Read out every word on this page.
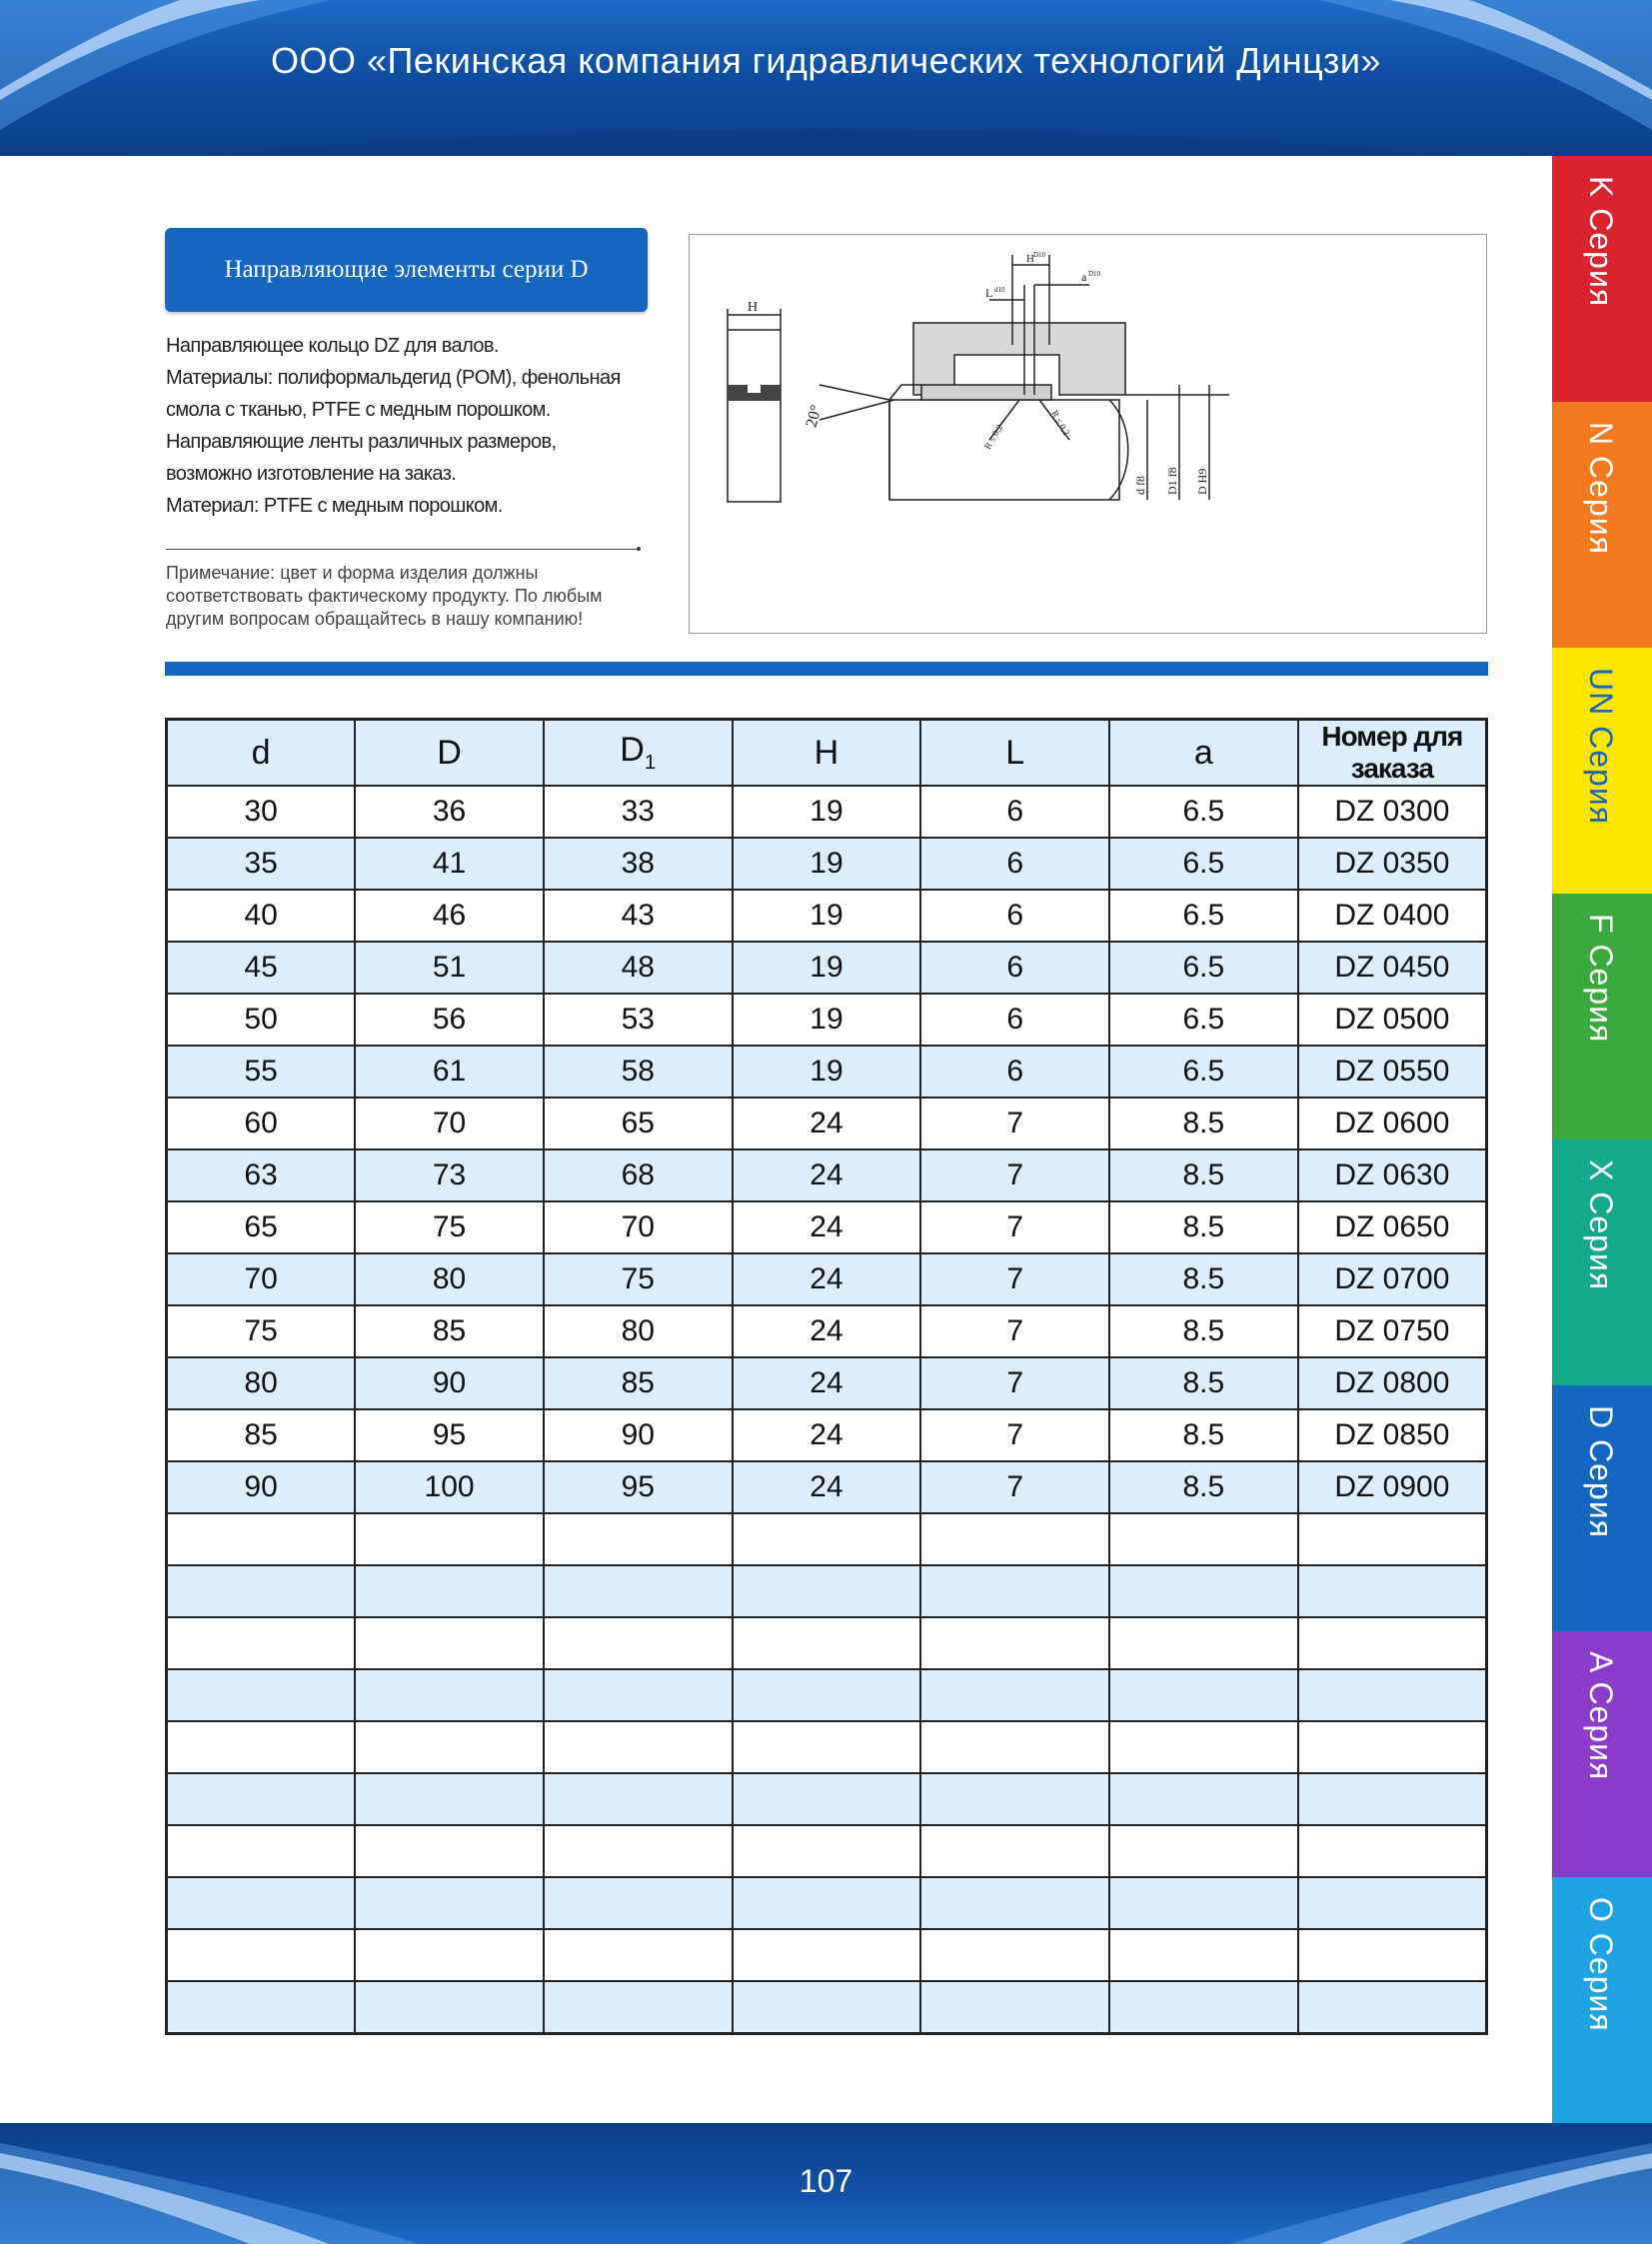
ООО «Пекинская компания гидравлических технологий Динцзи»
K Серия
N Серия
UN Серия
F Серия
X Серия
D Серия
A Серия
O Серия
Направляющие элементы серии D
Направляющее кольцо DZ для валов.
Материалы: полиформальдегид (POM), фенольная
смола с тканью, PTFE с медным порошком.
Направляющие ленты различных размеров,
возможно изготовление на заказ.
Материал: PTFE с медным порошком.
Примечание: цвет и форма изделия должны
соответствовать фактическому продукту. По любым
другим вопросам обращайтесь в нашу компанию!
H
20°
H D10
L d10
a D10
R ≤ 0,2	R ≤ 0,2
d f8 D1 f8 D H9
d	D	$D_1$	H	L	a	Номер для заказа
30	36	33	19	6	6.5	DZ 0300
35	41	38	19	6	6.5	DZ 0350
40	46	43	19	6	6.5	DZ 0400
45	51	48	19	6	6.5	DZ 0450
50	56	53	19	6	6.5	DZ 0500
55	61	58	19	6	6.5	DZ 0550
60	70	65	24	7	8.5	DZ 0600
63	73	68	24	7	8.5	DZ 0630
65	75	70	24	7	8.5	DZ 0650
70	80	75	24	7	8.5	DZ 0700
75	85	80	24	7	8.5	DZ 0750
80	90	85	24	7	8.5	DZ 0800
85	95	90	24	7	8.5	DZ 0850
90	100	95	24	7	8.5	DZ 0900

107
